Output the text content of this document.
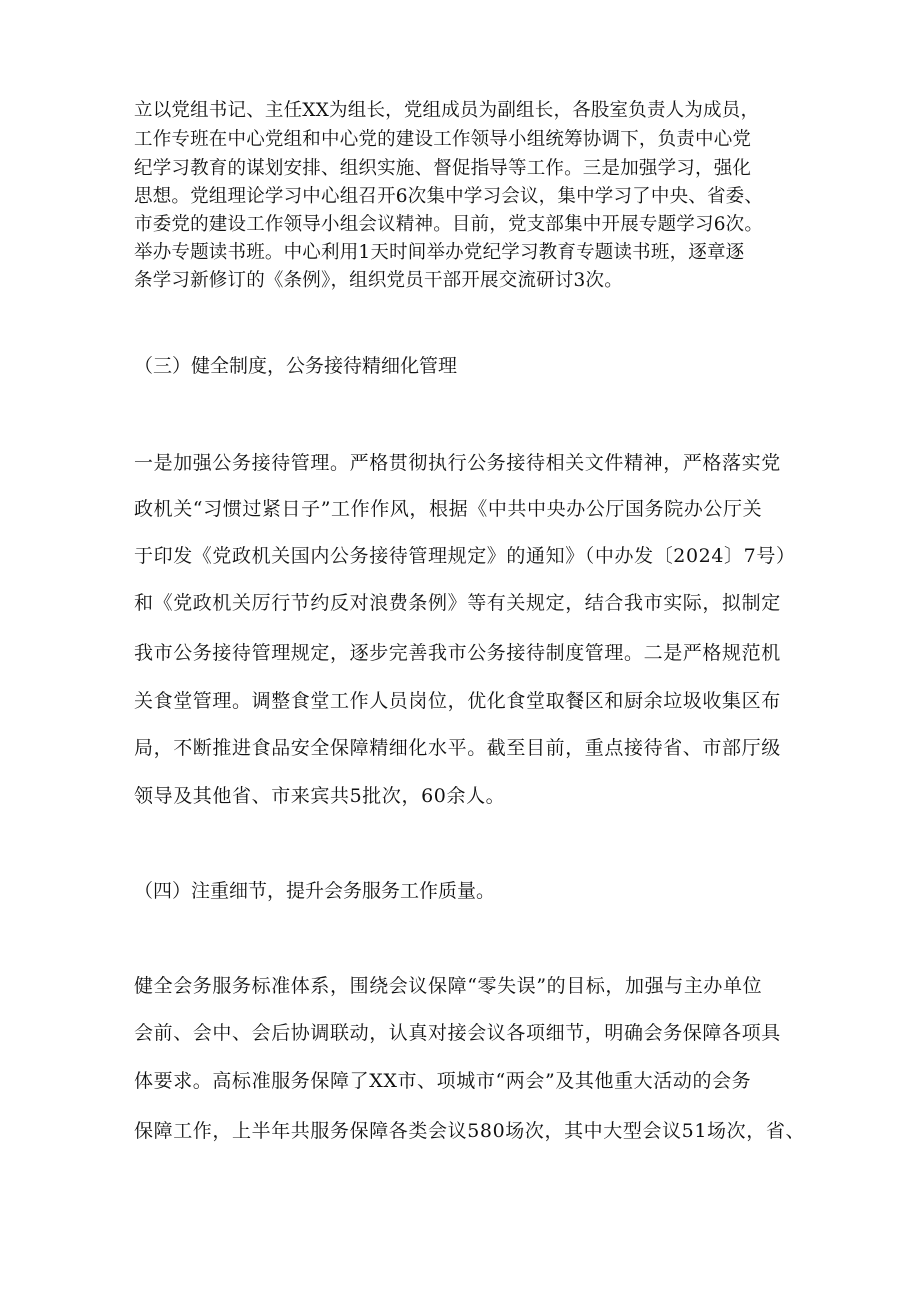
立以党组书记、主任XX为组长，党组成员为副组长，各股室负责人为成员，
工作专班在中心党组和中心党的建设工作领导小组统筹协调下，负责中心党
纪学习教育的谋划安排、组织实施、督促指导等工作。三是加强学习，强化
思想。党组理论学习中心组召开6次集中学习会议，集中学习了中央、省委、
市委党的建设工作领导小组会议精神。目前，党支部集中开展专题学习6次。
举办专题读书班。中心利用1天时间举办党纪学习教育专题读书班，逐章逐
条学习新修订的《条例》，组织党员干部开展交流研讨3次。
（三）健全制度，公务接待精细化管理
一是加强公务接待管理。严格贯彻执行公务接待相关文件精神，严格落实党
政机关“习惯过紧日子”工作作风，根据《中共中央办公厅国务院办公厅关
于印发《党政机关国内公务接待管理规定》的通知》（中办发〔2024〕7号）
和《党政机关厉行节约反对浪费条例》等有关规定，结合我市实际，拟制定
我市公务接待管理规定，逐步完善我市公务接待制度管理。二是严格规范机
关食堂管理。调整食堂工作人员岗位，优化食堂取餐区和厨余垃圾收集区布
局，不断推进食品安全保障精细化水平。截至目前，重点接待省、市部厅级
领导及其他省、市来宾共5批次，60余人。
（四）注重细节，提升会务服务工作质量。
健全会务服务标准体系，围绕会议保障“零失误”的目标，加强与主办单位
会前、会中、会后协调联动，认真对接会议各项细节，明确会务保障各项具
体要求。高标准服务保障了XX市、项城市“两会”及其他重大活动的会务
保障工作，上半年共服务保障各类会议580场次，其中大型会议51场次，省、
